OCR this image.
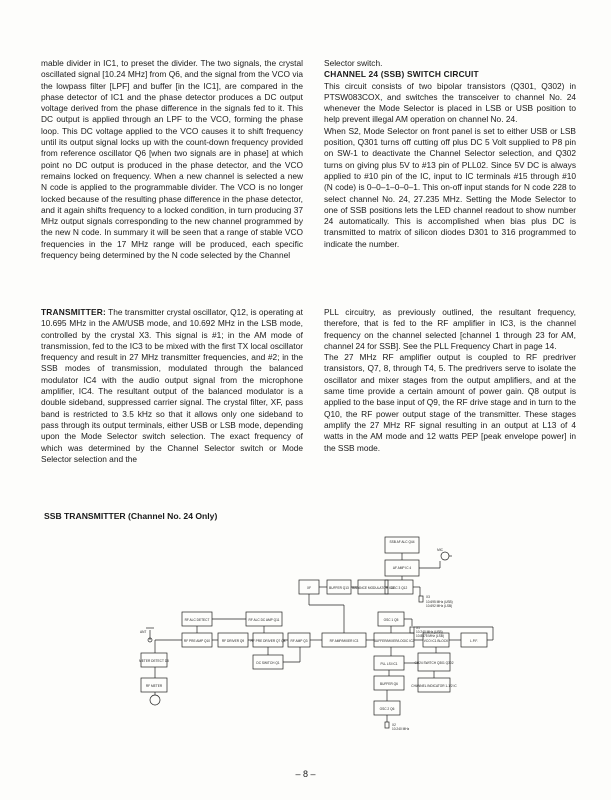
mable divider in IC1, to preset the divider. The two signals, the crystal oscillated signal [10.24 MHz] from Q6, and the signal from the VCO via the lowpass filter [LPF] and buffer [in the IC1], are compared in the phase detector of IC1 and the phase detector produces a DC output voltage derived from the phase difference in the signals fed to it. This DC output is applied through an LPF to the VCO, forming the phase loop. This DC voltage applied to the VCO causes it to shift frequency until its output signal locks up with the count-down frequency provided from reference oscillator Q6 [when two signals are in phase] at which point no DC output is produced in the phase detector, and the VCO remains locked on frequency. When a new channel is selected a new N code is applied to the programmable divider. The VCO is no longer locked because of the resulting phase difference in the phase detector, and it again shifts frequency to a locked condition, in turn producing 37 MHz output signals corresponding to the new channel programmed by the new N code. In summary it will be seen that a range of stable VCO frequencies in the 17 MHz range will be produced, each specific frequency being determined by the N code selected by the Channel

Selector switch.

CHANNEL 24 (SSB) SWITCH CIRCUIT

This circuit consists of two bipolar transistors (Q301, Q302) in PTSW083COX, and switches the transceiver to channel No. 24 whenever the Mode Selector is placed in LSB or USB position to help prevent illegal AM operation on channel No. 24.

When S2, Mode Selector on front panel is set to either USB or LSB position, Q301 turns off cutting off plus DC 5 Volt supplied to P8 pin on SW-1 to deactivate the Channel Selector selection, and Q302 turns on giving plus 5V to #13 pin of PLL02. Since 5V DC is always applied to #10 pin of the IC, input to IC terminals #15 through #10 (N code) is 0–0–1–0–0–1. This on-off input stands for N code 228 to select channel No. 24, 27.235 MHz. Setting the Mode Selector to one of SSB positions lets the LED channel readout to show number 24 automatically. This is accomplished when bias plus DC is transmitted to matrix of silicon diodes D301 to 316 programmed to indicate the number.

TRANSMITTER: The transmitter crystal oscillator, Q12, is operating at 10.695 MHz in the AM/USB mode, and 10.692 MHz in the LSB mode, controlled by the crystal X3. This signal is #1; in the AM mode of transmission, fed to the IC3 to be mixed with the first TX local oscillator frequency and result in 27 MHz transmitter frequencies, and #2; in the SSB modes of transmission, modulated through the balanced modulator IC4 with the audio output signal from the microphone amplifier, IC4. The resultant output of the balanced modulator is a double sideband, suppressed carrier signal. The crystal filter, XF, pass band is restricted to 3.5 kHz so that it allows only one sideband to pass through its output terminals, either USB or LSB mode, depending upon the Mode Selector switch selection. The exact frequency of which was determined by the Channel Selector switch or Mode Selector selection and the

PLL circuitry, as previously outlined, the resultant frequency, therefore, that is fed to the RF amplifier in IC3, is the channel frequency on the channel selected [channel 1 through 23 for AM, channel 24 for SSB]. See the PLL Frequency Chart in page 14.

The 27 MHz RF amplifier output is coupled to RF predriver transistors, Q7, 8, through T4, 5. The predrivers serve to isolate the oscillator and mixer stages from the output amplifiers, and at the same time provide a certain amount of power gain. Q8 output is applied to the base input of Q9, the RF drive stage and in turn to the Q10, the RF power output stage of the transmitter. These stages amplify the 27 MHz RF signal resulting in an output at L13 of 4 watts in the AM mode and 12 watts PEP [peak envelope power] in the SSB mode.

SSB TRANSMITTER (Channel No. 24 Only)
SSB AF ALC Q44
AF AMP IC 4
MIC
XF	BUFFER Q13 BALANCE MODULATOR IC4
OSC 3 Q12
X3
10.695 MHz (USB)
10.692 MHz (LSB)
RF ALC DETECT	RF ALC DC AMP Q11	OSC 1 Q5
X1
10.240 MHz (USB)
10.8875 MHz (LSB)
ANT
RF PRE AMP Q10	RF DRIVER Q9 RF PRE DRIVER Q7 Q8 RF AMP Q3	RF AMP/MIXER IC3	BUFFER/MIXER/LOGIC IC2	VCO IC1 BLOCK	L.P.F.
METER DETECT D8	DC SWITCH Q1	PLL LSI IC1	CH24 SWITCH Q301 Q302
RF METER	BUFFER Q6	CHANNEL INDICATOR 1-1/2 IC
OSC 2 Q6
X2
10.240 MHz
– 8 –
